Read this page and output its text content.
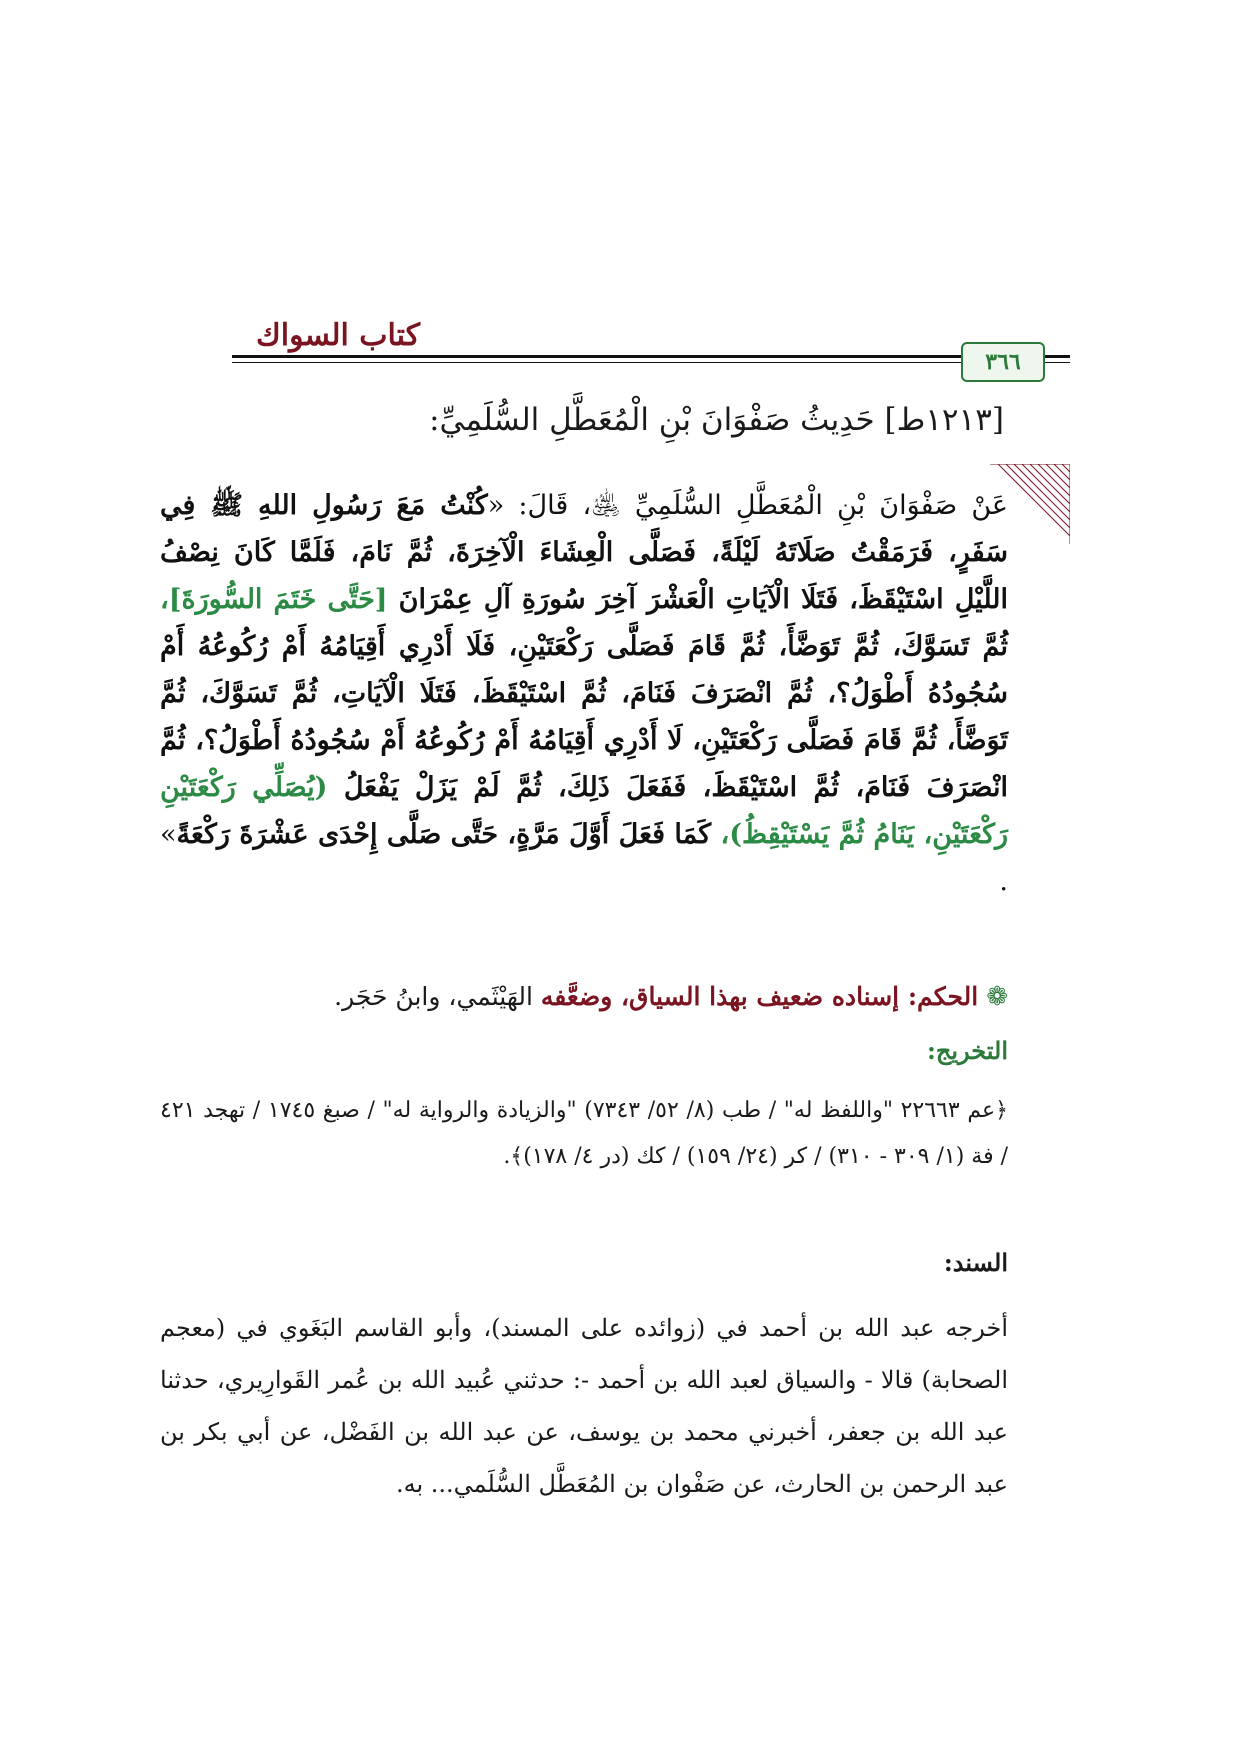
كتاب السواك
٣٦٦
[١٢١٣ط] حَدِيثُ صَفْوَانَ بْنِ الْمُعَطَّلِ السُّلَمِيِّ:
عَنْ صَفْوَانَ بْنِ الْمُعَطَّلِ السُّلَمِيِّ ﵁، قَالَ: «كُنْتُ مَعَ رَسُولِ اللهِ ﷺ فِي سَفَرٍ، فَرَمَقْتُ صَلَاتَهُ لَيْلَةً، فَصَلَّى الْعِشَاءَ الْآخِرَةَ، ثُمَّ نَامَ، فَلَمَّا كَانَ نِصْفُ اللَّيْلِ اسْتَيْقَظَ، فَتَلَا الْآيَاتِ الْعَشْرَ آخِرَ سُورَةِ آلِ عِمْرَانَ [حَتَّى خَتَمَ السُّورَةَ]، ثُمَّ تَسَوَّكَ، ثُمَّ تَوَضَّأَ، ثُمَّ قَامَ فَصَلَّى رَكْعَتَيْنِ، فَلَا أَدْرِي أَقِيَامُهُ أَمْ رُكُوعُهُ أَمْ سُجُودُهُ أَطْوَلُ؟، ثُمَّ انْصَرَفَ فَنَامَ، ثُمَّ اسْتَيْقَظَ، فَتَلَا الْآيَاتِ، ثُمَّ تَسَوَّكَ، ثُمَّ تَوَضَّأَ، ثُمَّ قَامَ فَصَلَّى رَكْعَتَيْنِ، لَا أَدْرِي أَقِيَامُهُ أَمْ رُكُوعُهُ أَمْ سُجُودُهُ أَطْوَلُ؟، ثُمَّ انْصَرَفَ فَنَامَ، ثُمَّ اسْتَيْقَظَ، فَفَعَلَ ذَلِكَ، ثُمَّ لَمْ يَزَلْ يَفْعَلُ (يُصَلِّي رَكْعَتَيْنِ رَكْعَتَيْنِ، يَنَامُ ثُمَّ يَسْتَيْقِظُ)، كَمَا فَعَلَ أَوَّلَ مَرَّةٍ، حَتَّى صَلَّى إِحْدَى عَشْرَةَ رَكْعَةً» .
❁الحكم: إسناده ضعيف بهذا السياق، وضعَّفه الهَيْثَمي، وابنُ حَجَر.
التخريج:
﴿عم ٢٢٦٦٣ "واللفظ له" / طب (٨/ ٥٢/ ٧٣٤٣) "والزيادة والرواية له" / صبغ ١٧٤٥ / تهجد ٤٢١ / فة (١/ ٣٠٩ - ٣١٠) / كر (٢٤/ ١٥٩) / كك (در ٤/ ١٧٨)﴾.
السند:
أخرجه عبد الله بن أحمد في (زوائده على المسند)، وأبو القاسم البَغَوي في (معجم الصحابة) قالا - والسياق لعبد الله بن أحمد -: حدثني عُبيد الله بن عُمر القَوارِيري، حدثنا عبد الله بن جعفر، أخبرني محمد بن يوسف، عن عبد الله بن الفَضْل، عن أبي بكر بن عبد الرحمن بن الحارث، عن صَفْوان بن المُعَطَّل السُّلَمي... به.
